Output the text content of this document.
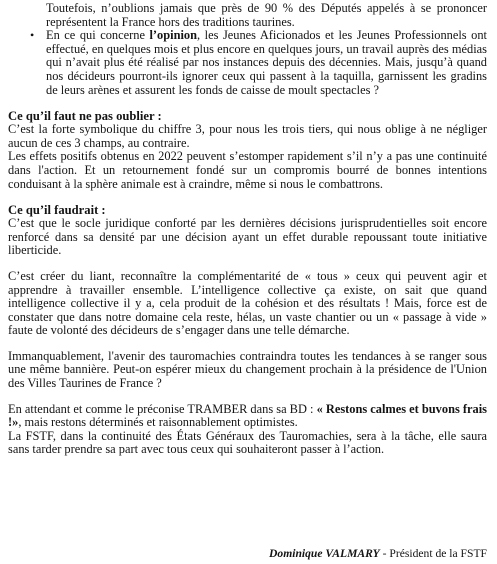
Toutefois, n’oublions jamais que près de 90 % des Députés appelés à se prononcer représentent la France hors des traditions taurines.

• En ce qui concerne l’opinion, les Jeunes Aficionados et les Jeunes Professionnels ont effectué, en quelques mois et plus encore en quelques jours, un travail auprès des médias qui n’avait plus été réalisé par nos instances depuis des décennies. Mais, jusqu’à quand nos décideurs pourront-ils ignorer ceux qui passent à la taquilla, garnissent les gradins de leurs arènes et assurent les fonds de caisse de moult spectacles ?

Ce qu’il faut ne pas oublier :

C’est la forte symbolique du chiffre 3, pour nous les trois tiers, qui nous oblige à ne négliger aucun de ces 3 champs, au contraire.

Les effets positifs obtenus en 2022 peuvent s’estomper rapidement s’il n’y a pas une continuité dans l'action. Et un retournement fondé sur un compromis bourré de bonnes intentions conduisant à la sphère animale est à craindre, même si nous le combattrons.

Ce qu’il faudrait :

C’est que le socle juridique conforté par les dernières décisions jurisprudentielles soit encore renforcé dans sa densité par une décision ayant un effet durable repoussant toute initiative liberticide.

C’est créer du liant, reconnaître la complémentarité de « tous » ceux qui peuvent agir et apprendre à travailler ensemble. L’intelligence collective ça existe, on sait que quand intelligence collective il y a, cela produit de la cohésion et des résultats ! Mais, force est de constater que dans notre domaine cela reste, hélas, un vaste chantier ou un « passage à vide » faute de volonté des décideurs de s’engager dans une telle démarche.

Immanquablement, l'avenir des tauromachies contraindra toutes les tendances à se ranger sous une même bannière. Peut-on espérer mieux du changement prochain à la présidence de l'Union des Villes Taurines de France ?

En attendant et comme le préconise TRAMBER dans sa BD : « Restons calmes et buvons frais !», mais restons déterminés et raisonnablement optimistes.

La FSTF, dans la continuité des États Généraux des Tauromachies, sera à la tâche, elle saura sans tarder prendre sa part avec tous ceux qui souhaiteront passer à l’action.

Dominique VALMARY - Président de la FSTF
